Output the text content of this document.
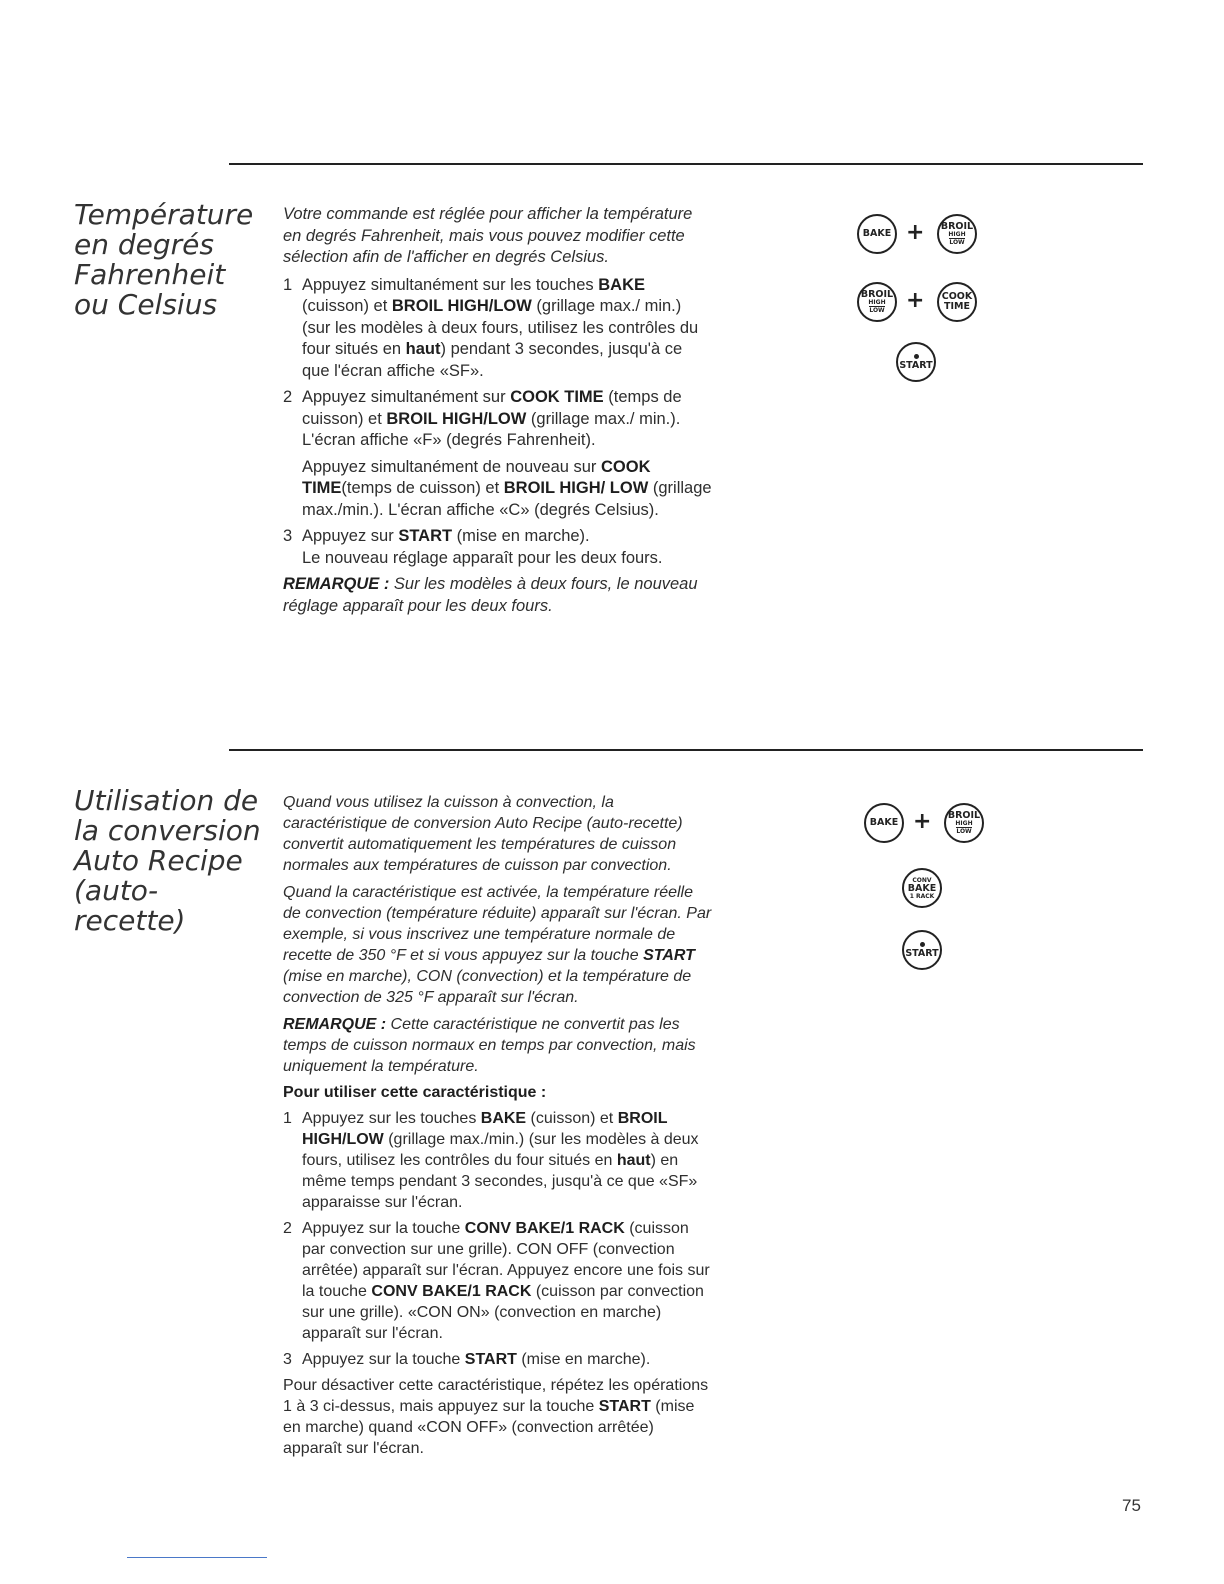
Température en degrés Fahrenheit ou Celsius

Votre commande est réglée pour afficher la température en degrés Fahrenheit, mais vous pouvez modifier cette sélection afin de l'afficher en degrés Celsius.

1 Appuyez simultanément sur les touches BAKE (cuisson) et BROIL HIGH/LOW (grillage max./ min.) (sur les modèles à deux fours, utilisez les contrôles du four situés en haut) pendant 3 secondes, jusqu'à ce que l'écran affiche «SF».
2 Appuyez simultanément sur COOK TIME (temps de cuisson) et BROIL HIGH/LOW (grillage max./ min.). L'écran affiche «F» (degrés Fahrenheit).

Appuyez simultanément de nouveau sur COOK TIME(temps de cuisson) et BROIL HIGH/ LOW (grillage max./min.). L'écran affiche «C» (degrés Celsius).

3 Appuyez sur START (mise en marche).
Le nouveau réglage apparaît pour les deux fours.

REMARQUE : Sur les modèles à deux fours, le nouveau réglage apparaît pour les deux fours.

BAKE + BROIL
HIGH
LOW
BROIL
HIGH
LOW + COOK
TIME
START
Utilisation de la conversion Auto Recipe (auto-recette)

Quand vous utilisez la cuisson à convection, la caractéristique de conversion Auto Recipe (auto-recette) convertit automatiquement les températures de cuisson normales aux températures de cuisson par convection.

Quand la caractéristique est activée, la température réelle de convection (température réduite) apparaît sur l'écran. Par exemple, si vous inscrivez une température normale de recette de 350 °F et si vous appuyez sur la touche START (mise en marche), CON (convection) et la température de convection de 325 °F apparaît sur l'écran.

REMARQUE : Cette caractéristique ne convertit pas les temps de cuisson normaux en temps par convection, mais uniquement la température.

Pour utiliser cette caractéristique :

1 Appuyez sur les touches BAKE (cuisson) et BROIL HIGH/LOW (grillage max./min.) (sur les modèles à deux fours, utilisez les contrôles du four situés en haut) en même temps pendant 3 secondes, jusqu'à ce que «SF» apparaisse sur l'écran.
2 Appuyez sur la touche CONV BAKE/1 RACK (cuisson par convection sur une grille). CON OFF (convection arrêtée) apparaît sur l'écran. Appuyez encore une fois sur la touche CONV BAKE/1 RACK (cuisson par convection sur une grille). «CON ON» (convection en marche) apparaît sur l'écran.
3 Appuyez sur la touche START (mise en marche).

Pour désactiver cette caractéristique, répétez les opérations 1 à 3 ci-dessus, mais appuyez sur la touche START (mise en marche) quand «CON OFF» (convection arrêtée) apparaît sur l'écran.

BAKE + BROIL
HIGH
LOW
CONV
BAKE
1 RACK
START
75
